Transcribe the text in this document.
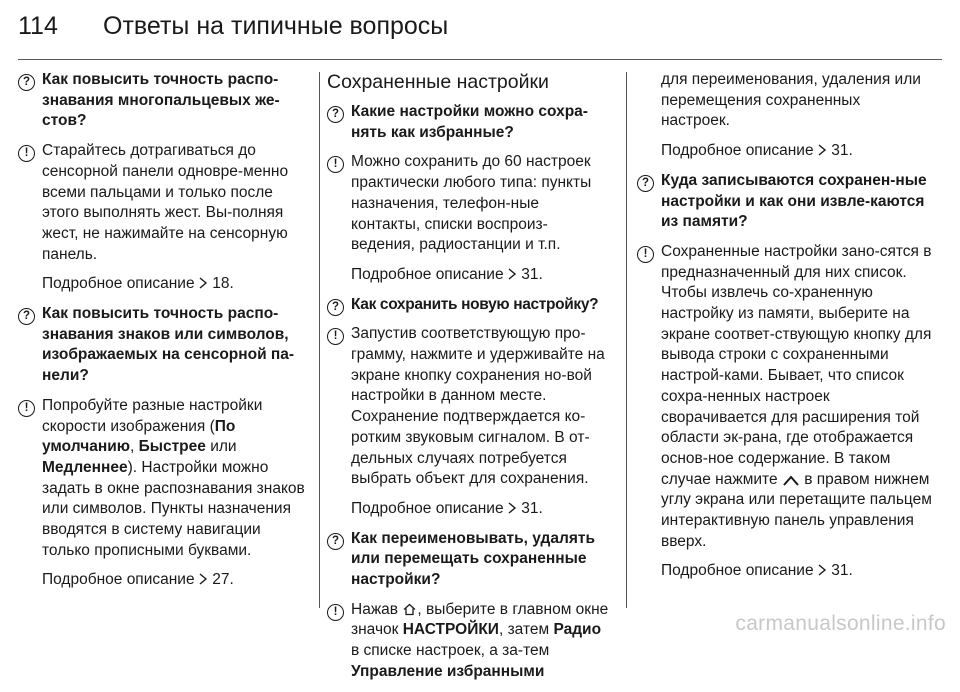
114 Ответы на типичные вопросы
? Как повысить точность распо-знавания многопальцевых же-стов?
! Старайтесь дотрагиваться до сенсорной панели одновре-менно всеми пальцами и только после этого выполнять жест. Вы-полняя жест, не нажимайте на сенсорную панель.
Подробное описание 18.
? Как повысить точность распо-знавания знаков или символов, изображаемых на сенсорной па-нели?
! Попробуйте разные настройки скорости изображения (По умолчанию, Быстрее или Медленнее). Настройки можно задать в окне распознавания знаков или символов. Пункты назначения вводятся в систему навигации только прописными буквами.
Подробное описание 27.
Сохраненные настройки
? Какие настройки можно сохра-нять как избранные?
! Можно сохранить до 60 настроек практически любого типа: пункты назначения, телефон-ные контакты, списки воспроиз-ведения, радиостанции и т.п.
Подробное описание 31.
? Как сохранить новую настройку?
! Запустив соответствующую про-грамму, нажмите и удерживайте на экране кнопку сохранения но-вой настройки в данном месте. Сохранение подтверждается ко-ротким звуковым сигналом. В от-дельных случаях потребуется выбрать объект для сохранения.
Подробное описание 31.
? Как переименовывать, удалять или перемещать сохраненные настройки?
! Нажав , выберите в главном окне значок НАСТРОЙКИ, затем Радио в списке настроек, а за-тем Управление избранными
для переименования, удаления или перемещения сохраненных настроек.
Подробное описание 31.
? Куда записываются сохранен-ные настройки и как они извле-каются из памяти?
! Сохраненные настройки зано-сятся в предназначенный для них список. Чтобы извлечь со-храненную настройку из памяти, выберите на экране соответ-ствующую кнопку для вывода строки с сохраненными настрой-ками. Бывает, что список сохра-ненных настроек сворачивается для расширения той области эк-рана, где отображается основ-ное содержание. В таком случае нажмите в правом нижнем углу экрана или перетащите пальцем интерактивную панель управления вверх.
Подробное описание 31.
carmanualsonline.info
